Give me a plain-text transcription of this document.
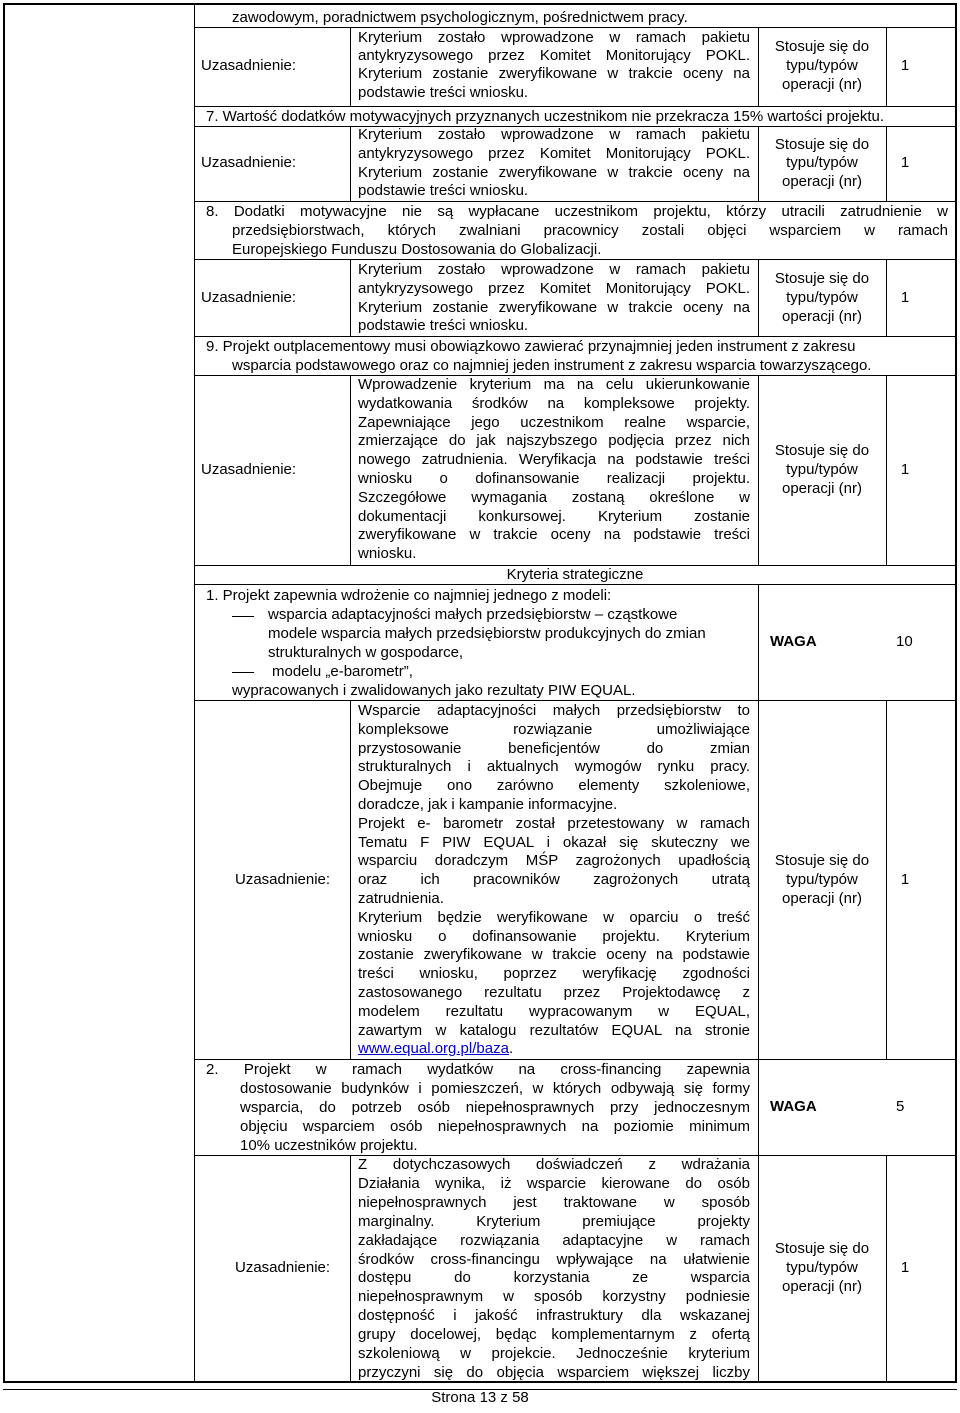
zawodowym, poradnictwem psychologicznym, pośrednictwem pracy.
Uzasadnienie:
Kryterium zostało wprowadzone w ramach pakietu
antykryzysowego przez Komitet Monitorujący POKL.
Kryterium zostanie zweryfikowane w trakcie oceny na
podstawie treści wniosku.
Stosuje się do
typu/typów
operacji (nr)
1
7. Wartość dodatków motywacyjnych przyznanych uczestnikom nie przekracza 15% wartości projektu.
Uzasadnienie:
Kryterium zostało wprowadzone w ramach pakietu
antykryzysowego przez Komitet Monitorujący POKL.
Kryterium zostanie zweryfikowane w trakcie oceny na
podstawie treści wniosku.
Stosuje się do
typu/typów
operacji (nr)
1
8. Dodatki motywacyjne nie są wypłacane uczestnikom projektu, którzy utracili zatrudnienie w
przedsiębiorstwach, których zwalniani pracownicy zostali objęci wsparciem w ramach
Europejskiego Funduszu Dostosowania do Globalizacji.
Uzasadnienie:
Kryterium zostało wprowadzone w ramach pakietu
antykryzysowego przez Komitet Monitorujący POKL.
Kryterium zostanie zweryfikowane w trakcie oceny na
podstawie treści wniosku.
Stosuje się do
typu/typów
operacji (nr)
1
9. Projekt outplacementowy musi obowiązkowo zawierać przynajmniej jeden instrument z zakresu
wsparcia podstawowego oraz co najmniej jeden instrument z zakresu wsparcia towarzyszącego.
Uzasadnienie:
Wprowadzenie kryterium ma na celu ukierunkowanie
wydatkowania środków na kompleksowe projekty.
Zapewniające jego uczestnikom realne wsparcie,
zmierzające do jak najszybszego podjęcia przez nich
nowego zatrudnienia. Weryfikacja na podstawie treści
wniosku o dofinansowanie realizacji projektu.
Szczegółowe wymagania zostaną określone w
dokumentacji konkursowej. Kryterium zostanie
zweryfikowane w trakcie oceny na podstawie treści
wniosku.
Stosuje się do
typu/typów
operacji (nr)
1
Kryteria strategiczne
1. Projekt zapewnia wdrożenie co najmniej jednego z modeli:
wsparcia adaptacyjności małych przedsiębiorstw – cząstkowe
modele wsparcia małych przedsiębiorstw produkcyjnych do zmian
strukturalnych w gospodarce,
modelu „e-barometr”,
wypracowanych i zwalidowanych jako rezultaty PIW EQUAL.
WAGA	10
Uzasadnienie:
Wsparcie adaptacyjności małych przedsiębiorstw to
kompleksowe rozwiązanie umożliwiające
przystosowanie beneficjentów do zmian
strukturalnych i aktualnych wymogów rynku pracy.
Obejmuje ono zarówno elementy szkoleniowe,
doradcze, jak i kampanie informacyjne.
Projekt e- barometr został przetestowany w ramach
Tematu F PIW EQUAL i okazał się skuteczny we
wsparciu doradczym MŚP zagrożonych upadłością
oraz ich pracowników zagrożonych utratą
zatrudnienia.
Kryterium będzie weryfikowane w oparciu o treść
wniosku o dofinansowanie projektu. Kryterium
zostanie zweryfikowane w trakcie oceny na podstawie
treści wniosku, poprzez weryfikację zgodności
zastosowanego rezultatu przez Projektodawcę z
modelem rezultatu wypracowanym w EQUAL,
zawartym w katalogu rezultatów EQUAL na stronie
www.equal.org.pl/baza.
Stosuje się do
typu/typów
operacji (nr)
1
2. Projekt w ramach wydatków na cross-financing zapewnia
dostosowanie budynków i pomieszczeń, w których odbywają się formy
wsparcia, do potrzeb osób niepełnosprawnych przy jednoczesnym
objęciu wsparciem osób niepełnosprawnych na poziomie minimum
10% uczestników projektu.
WAGA	5
Uzasadnienie:
Z dotychczasowych doświadczeń z wdrażania
Działania wynika, iż wsparcie kierowane do osób
niepełnosprawnych jest traktowane w sposób
marginalny. Kryterium premiujące projekty
zakładające rozwiązania adaptacyjne w ramach
środków cross-financingu wpływające na ułatwienie
dostępu do korzystania ze wsparcia
niepełnosprawnym w sposób korzystny podniesie
dostępność i jakość infrastruktury dla wskazanej
grupy docelowej, będąc komplementarnym z ofertą
szkoleniową w projekcie. Jednocześnie kryterium
przyczyni się do objęcia wsparciem większej liczby
Stosuje się do
typu/typów
operacji (nr)
1
Strona 13 z 58
